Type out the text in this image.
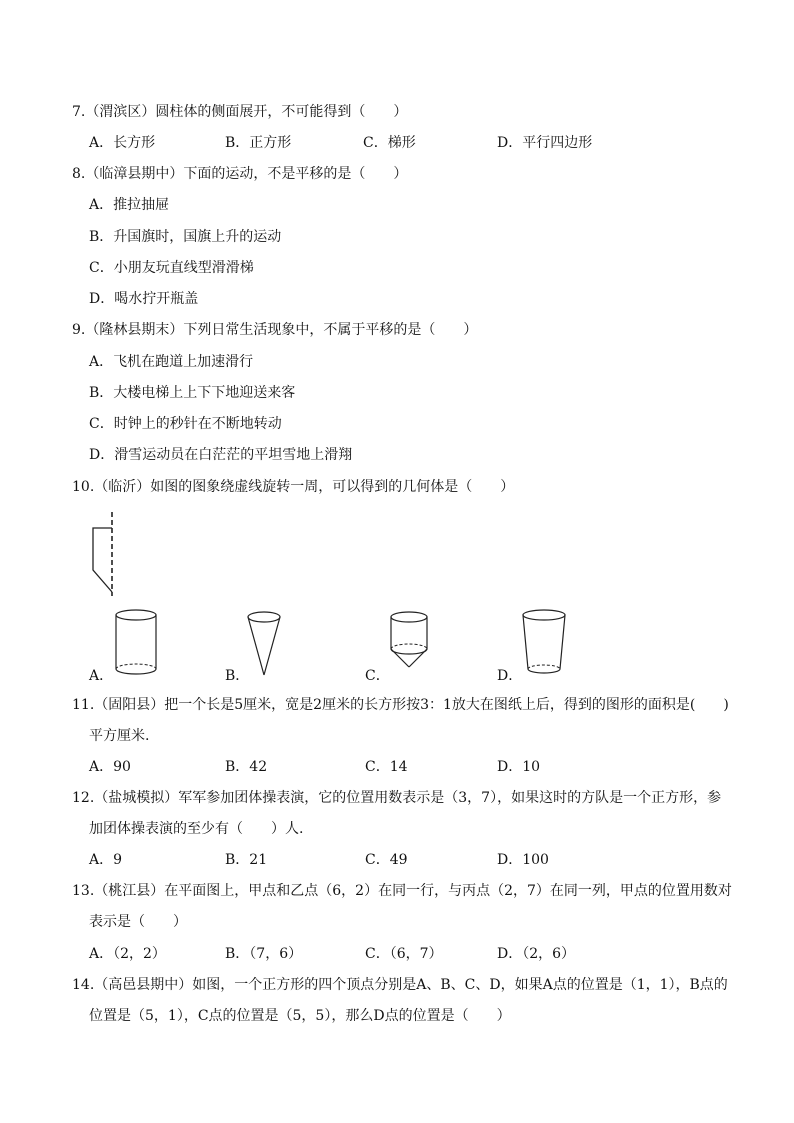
7.（渭滨区）圆柱体的侧面展开，不可能得到（　　）
A．长方形	B．正方形	C．梯形	D．平行四边形
8.（临漳县期中）下面的运动，不是平移的是（　　）
A．推拉抽屉
B．升国旗时，国旗上升的运动
C．小朋友玩直线型滑滑梯
D．喝水拧开瓶盖
9.（隆林县期末）下列日常生活现象中，不属于平移的是（　　）
A．飞机在跑道上加速滑行
B．大楼电梯上上下下地迎送来客
C．时钟上的秒针在不断地转动
D．滑雪运动员在白茫茫的平坦雪地上滑翔
10.（临沂）如图的图象绕虚线旋转一周，可以得到的几何体是（　　）
A．	B．	C．	D．
11.（固阳县）把一个长是5厘米，宽是2厘米的长方形按3：1放大在图纸上后，得到的图形的面积是(　　)
平方厘米.
A．90	B．42	C．14	D．10
12.（盐城模拟）军军参加团体操表演，它的位置用数表示是（3，7），如果这时的方队是一个正方形，参
加团体操表演的至少有（　　）人.
A．9	B．21	C．49	D．100
13.（桃江县）在平面图上，甲点和乙点（6，2）在同一行，与丙点（2，7）在同一列，甲点的位置用数对
表示是（　　）
A．（2，2）	B．（7，6）	C．（6，7）	D．（2，6）
14.（高邑县期中）如图，一个正方形的四个顶点分别是A、B、C、D，如果A点的位置是（1，1），B点的
位置是（5，1），C点的位置是（5，5），那么D点的位置是（　　）
